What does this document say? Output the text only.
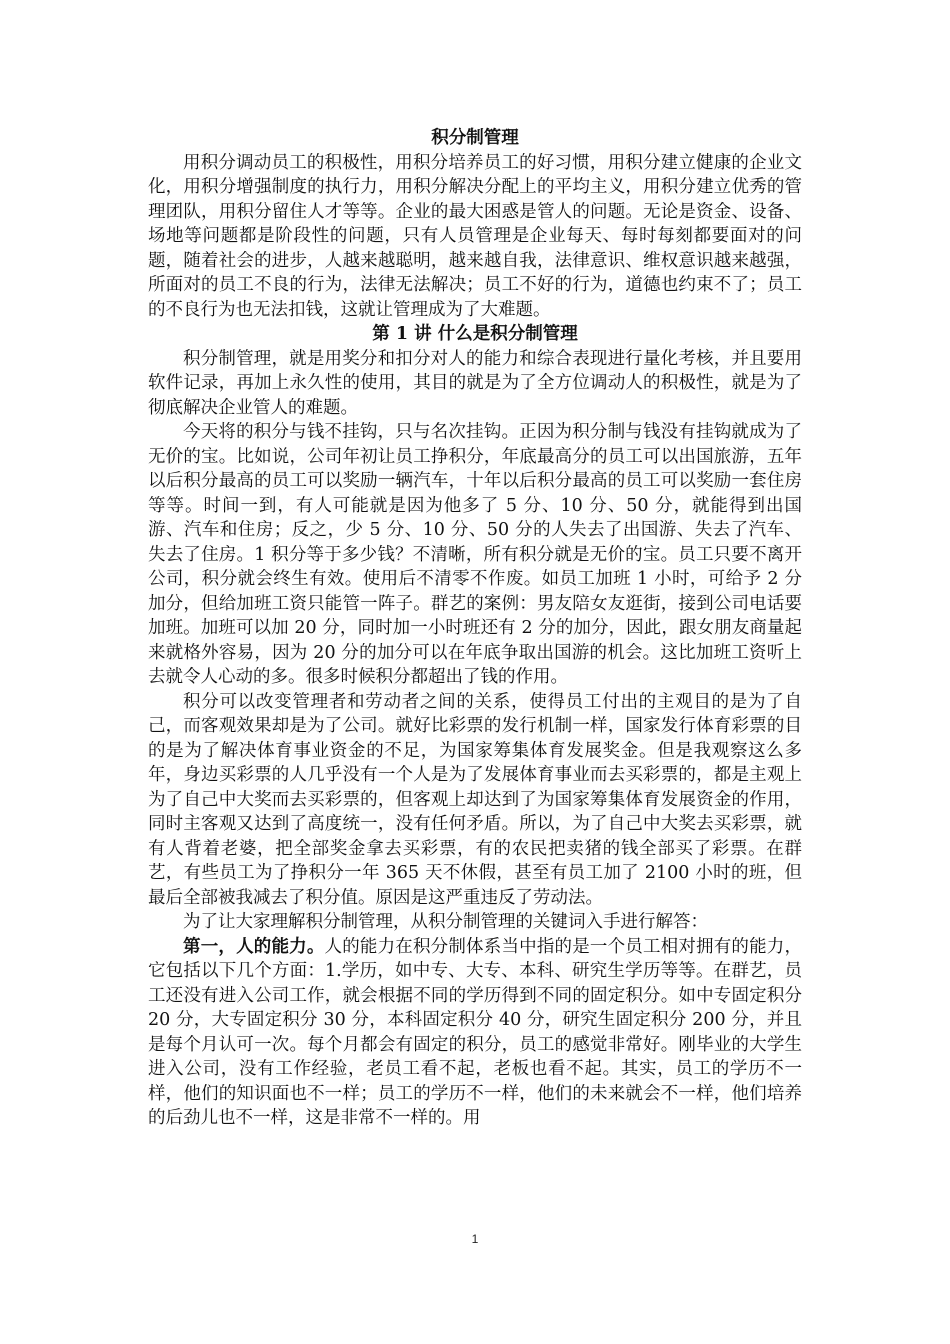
积分制管理

用积分调动员工的积极性，用积分培养员工的好习惯，用积分建立健康的企业文化，用积分增强制度的执行力，用积分解决分配上的平均主义，用积分建立优秀的管理团队，用积分留住人才等等。企业的最大困惑是管人的问题。无论是资金、设备、场地等问题都是阶段性的问题，只有人员管理是企业每天、每时每刻都要面对的问题，随着社会的进步，人越来越聪明，越来越自我，法律意识、维权意识越来越强，所面对的员工不良的行为，法律无法解决；员工不好的行为，道德也约束不了；员工的不良行为也无法扣钱，这就让管理成为了大难题。

第 1 讲 什么是积分制管理

积分制管理，就是用奖分和扣分对人的能力和综合表现进行量化考核，并且要用软件记录，再加上永久性的使用，其目的就是为了全方位调动人的积极性，就是为了彻底解决企业管人的难题。

今天将的积分与钱不挂钩，只与名次挂钩。正因为积分制与钱没有挂钩就成为了无价的宝。比如说，公司年初让员工挣积分，年底最高分的员工可以出国旅游，五年以后积分最高的员工可以奖励一辆汽车，十年以后积分最高的员工可以奖励一套住房等等。时间一到，有人可能就是因为他多了 5 分、10 分、50 分，就能得到出国游、汽车和住房；反之，少 5 分、10 分、50 分的人失去了出国游、失去了汽车、失去了住房。1 积分等于多少钱？不清晰，所有积分就是无价的宝。员工只要不离开公司，积分就会终生有效。使用后不清零不作废。如员工加班 1 小时，可给予 2 分加分，但给加班工资只能管一阵子。群艺的案例：男友陪女友逛街，接到公司电话要加班。加班可以加 20 分，同时加一小时班还有 2 分的加分，因此，跟女朋友商量起来就格外容易，因为 20 分的加分可以在年底争取出国游的机会。这比加班工资听上去就令人心动的多。很多时候积分都超出了钱的作用。

积分可以改变管理者和劳动者之间的关系，使得员工付出的主观目的是为了自己，而客观效果却是为了公司。就好比彩票的发行机制一样，国家发行体育彩票的目的是为了解决体育事业资金的不足，为国家筹集体育发展奖金。但是我观察这么多年，身边买彩票的人几乎没有一个人是为了发展体育事业而去买彩票的，都是主观上为了自己中大奖而去买彩票的，但客观上却达到了为国家筹集体育发展资金的作用，同时主客观又达到了高度统一，没有任何矛盾。所以，为了自己中大奖去买彩票，就有人背着老婆，把全部奖金拿去买彩票，有的农民把卖猪的钱全部买了彩票。在群艺，有些员工为了挣积分一年 365 天不休假，甚至有员工加了 2100 小时的班，但最后全部被我减去了积分值。原因是这严重违反了劳动法。

为了让大家理解积分制管理，从积分制管理的关键词入手进行解答：

第一，人的能力。人的能力在积分制体系当中指的是一个员工相对拥有的能力，它包括以下几个方面：1.学历，如中专、大专、本科、研究生学历等等。在群艺，员工还没有进入公司工作，就会根据不同的学历得到不同的固定积分。如中专固定积分 20 分，大专固定积分 30 分，本科固定积分 40 分，研究生固定积分 200 分，并且是每个月认可一次。每个月都会有固定的积分，员工的感觉非常好。刚毕业的大学生进入公司，没有工作经验，老员工看不起，老板也看不起。其实，员工的学历不一样，他们的知识面也不一样；员工的学历不一样，他们的未来就会不一样，他们培养的后劲儿也不一样，这是非常不一样的。用

1
